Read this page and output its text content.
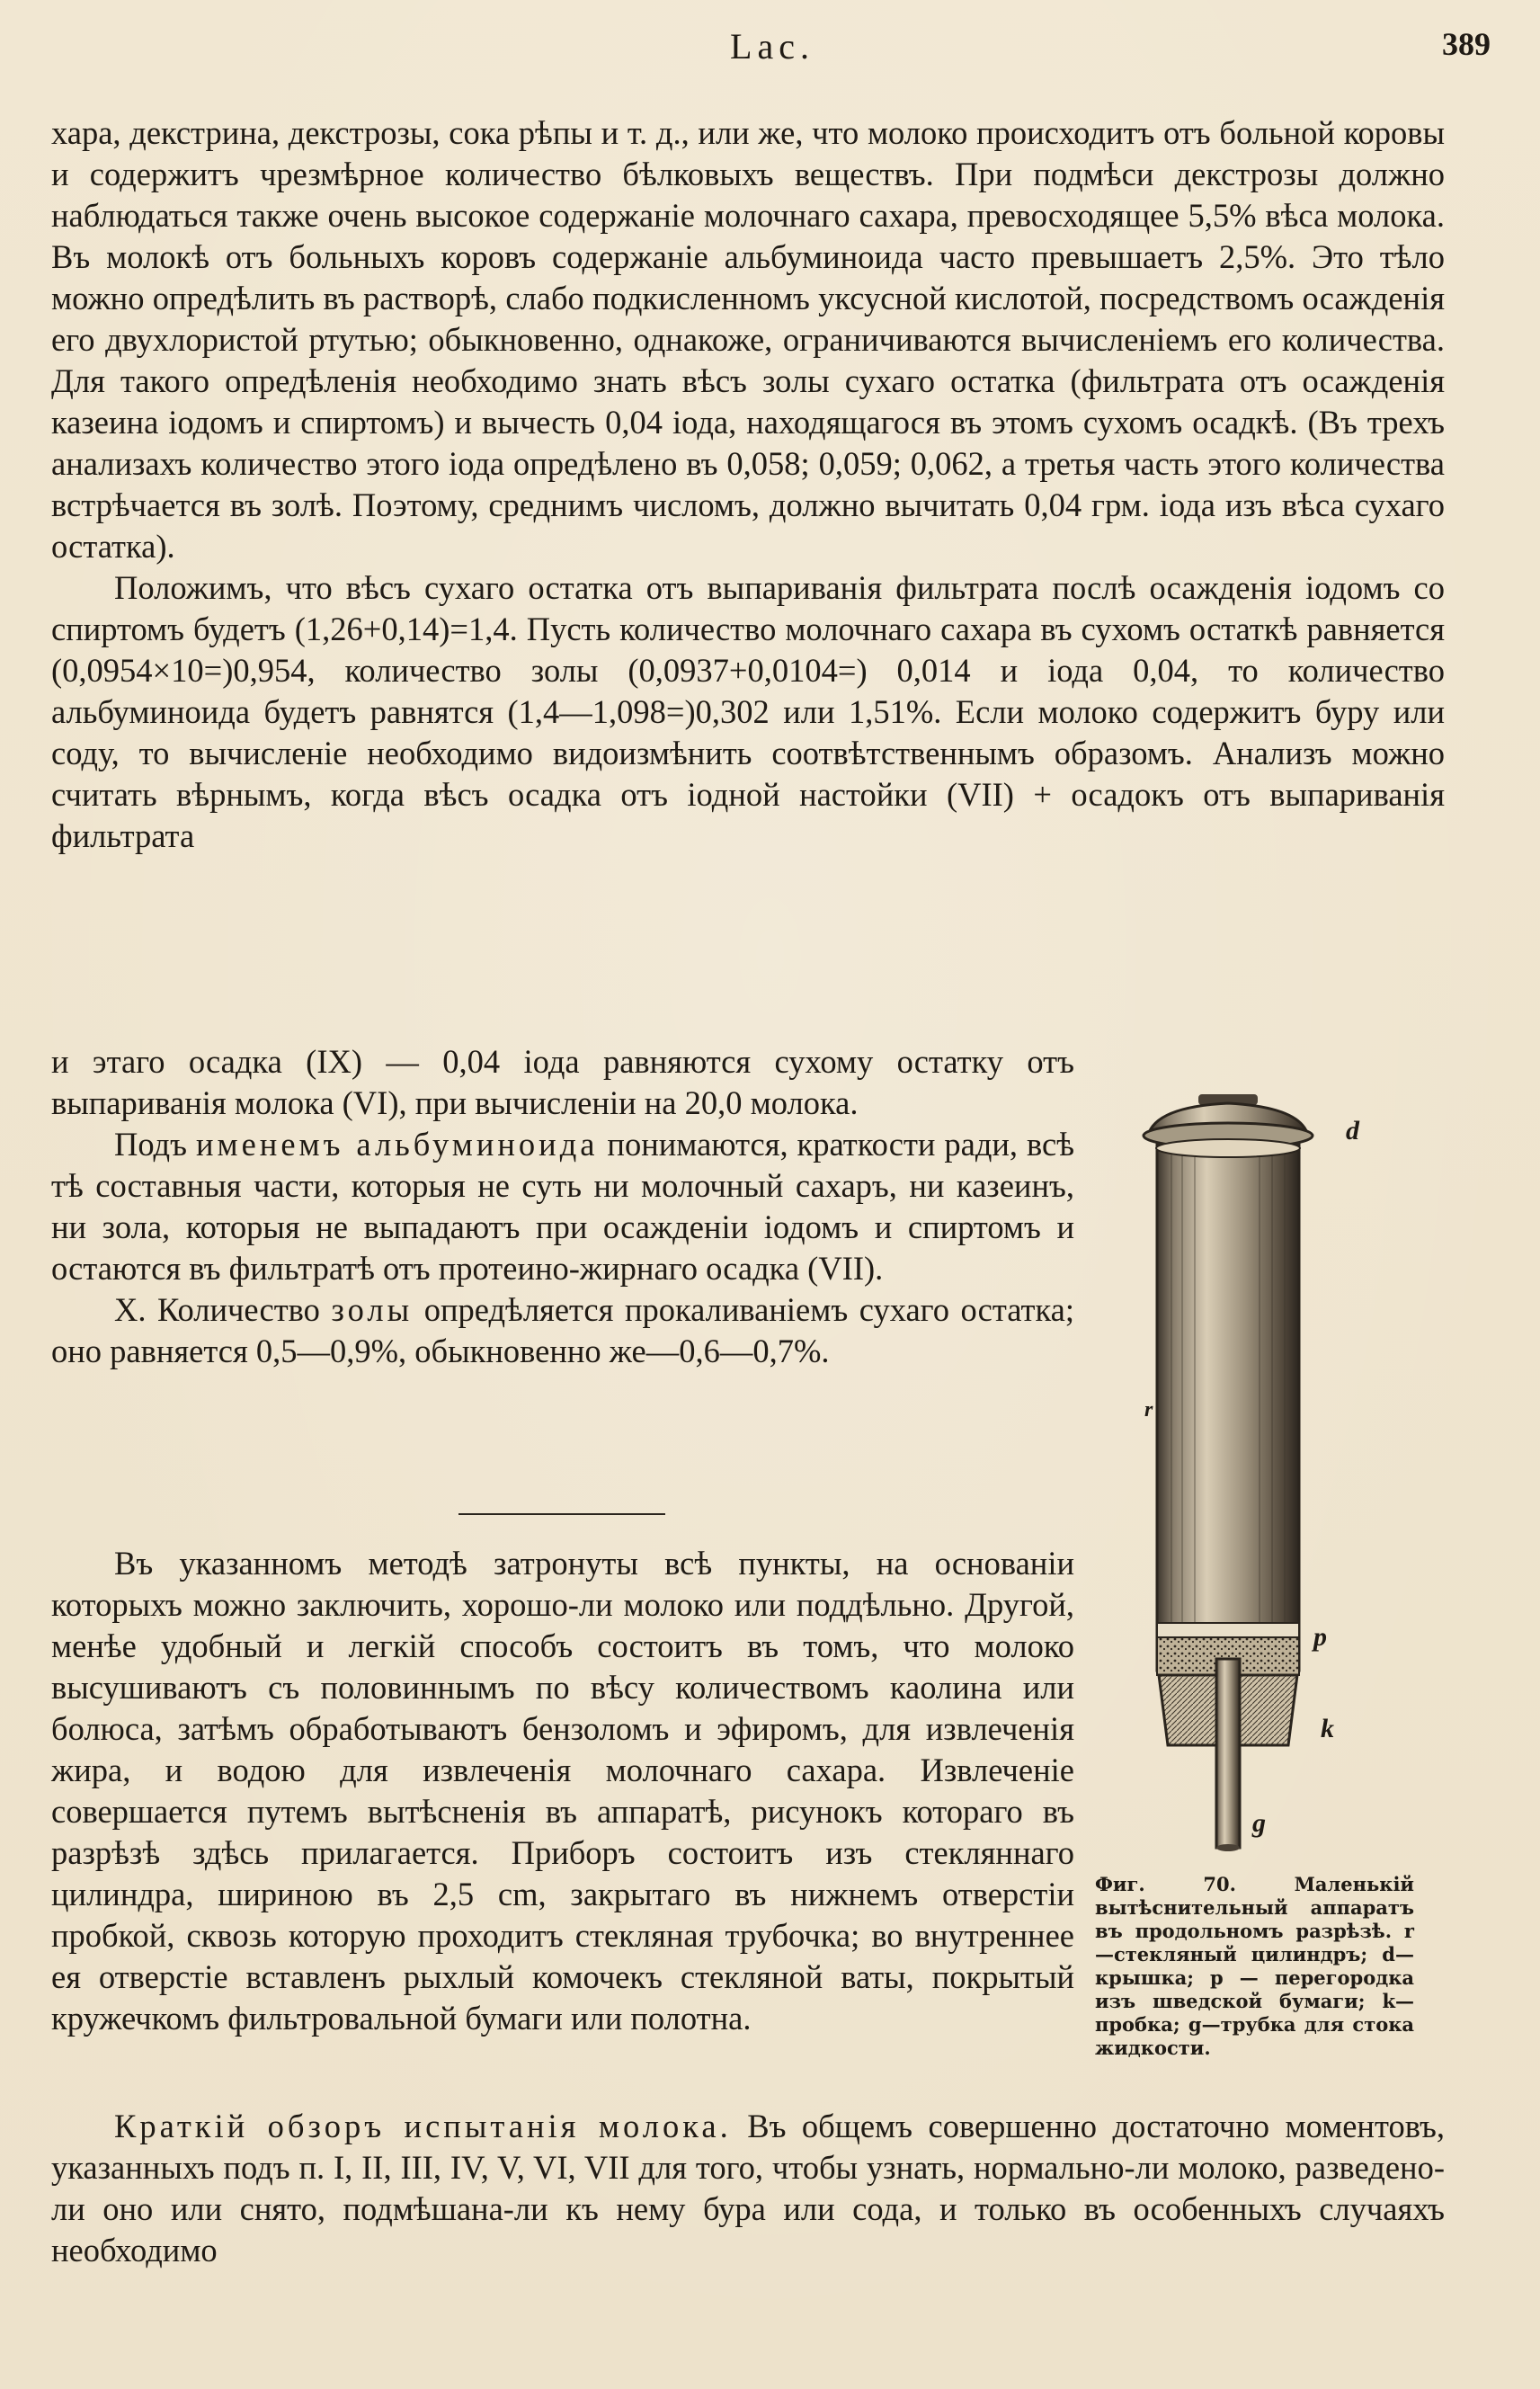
Lac.	389

хара, декстрина, декстрозы, сока рѣпы и т. д., или же, что молоко происходитъ отъ больной коровы и содержитъ чрезмѣрное количество бѣлковыхъ веществъ. При подмѣси декстрозы должно наблюдаться также очень высокое содержанiе молочнаго сахара, превосходящее 5,5% вѣса молока. Въ молокѣ отъ больныхъ коровъ содержанiе альбуминоида часто превышаетъ 2,5%. Это тѣло можно опредѣлить въ растворѣ, слабо подкисленномъ уксусной кислотой, посредствомъ осажденiя его двухлористой ртутью; обыкновенно, однакоже, ограничиваются вычисленiемъ его количества. Для такого опредѣленiя необходимо знать вѣсъ золы сухаго остатка (фильтрата отъ осажденiя казеина iодомъ и спиртомъ) и вычесть 0,04 iода, находящагося въ этомъ сухомъ осадкѣ. (Въ трехъ анализахъ количество этого iода опредѣлено въ 0,058; 0,059; 0,062, а третья часть этого количества встрѣчается въ золѣ. Поэтому, среднимъ числомъ, должно вычитать 0,04 грм. iода изъ вѣса сухаго остатка).

Положимъ, что вѣсъ сухаго остатка отъ выпариванiя фильтрата послѣ осажденiя iодомъ со спиртомъ будетъ (1,26+0,14)=1,4. Пусть количество молочнаго сахара въ сухомъ остаткѣ равняется (0,0954×10=)0,954, количество золы (0,0937+0,0104=) 0,014 и iода 0,04, то количество альбуминоида будетъ равнятся (1,4—1,098=)0,302 или 1,51%. Если молоко содержитъ буру или соду, то вычисленiе необходимо видоизмѣнить соотвѣтственнымъ образомъ. Анализъ можно считать вѣрнымъ, когда вѣсъ осадка отъ iодной настойки (VII) + осадокъ отъ выпариванiя фильтрата

и этаго осадка (IX) — 0,04 iода равняются сухому остатку отъ выпариванiя молока (VI), при вычисленiи на 20,0 молока.

Подъ именемъ альбуминоида понимаются, краткости ради, всѣ тѣ составныя части, которыя не суть ни молочный сахаръ, ни казеинъ, ни зола, которыя не выпадаютъ при осажденiи iодомъ и спиртомъ и остаются въ фильтратѣ отъ протеино-жирнаго осадка (VII).

X. Количество золы опредѣляется прокаливанiемъ сухаго остатка; оно равняется 0,5—0,9%, обыкновенно же—0,6—0,7%.

Въ указанномъ методѣ затронуты всѣ пункты, на основанiи которыхъ можно заключить, хорошо-ли молоко или поддѣльно. Другой, менѣе удобный и легкiй способъ состоитъ въ томъ, что молоко высушиваютъ съ половиннымъ по вѣсу количествомъ каолина или болюса, затѣмъ обработываютъ бензоломъ и эфиромъ, для извлеченiя жира, и водою для извлеченiя молочнаго сахара. Извлеченiе совершается путемъ вытѣсненiя въ аппаратѣ, рисунокъ котораго въ разрѣзѣ здѣсь прилагается. Приборъ состоитъ изъ стекляннаго цилиндра, шириною въ 2,5 cm, закрытаго въ нижнемъ отверстiи пробкой, сквозь которую проходитъ стекляная трубочка; во внутреннее ея отверстiе вставленъ рыхлый комочекъ стекляной ваты, покрытый кружечкомъ фильтровальной бумаги или полотна.

d
r
p
k
g
Фиг. 70. Маленькiй вытѣснительный аппаратъ въ продольномъ разрѣзѣ. r—стекляный цилиндръ; d—крышка; p — перегородка изъ шведской бумаги; k—пробка; g—трубка для стока жидкости.

Краткiй обзоръ испытанiя молока. Въ общемъ совершенно достаточно моментовъ, указанныхъ подъ п. I, II, III, IV, V, VI, VII для того, чтобы узнать, нормально-ли молоко, разведено-ли оно или снято, подмѣшана-ли къ нему бура или сода, и только въ особенныхъ случаяхъ необходимо
